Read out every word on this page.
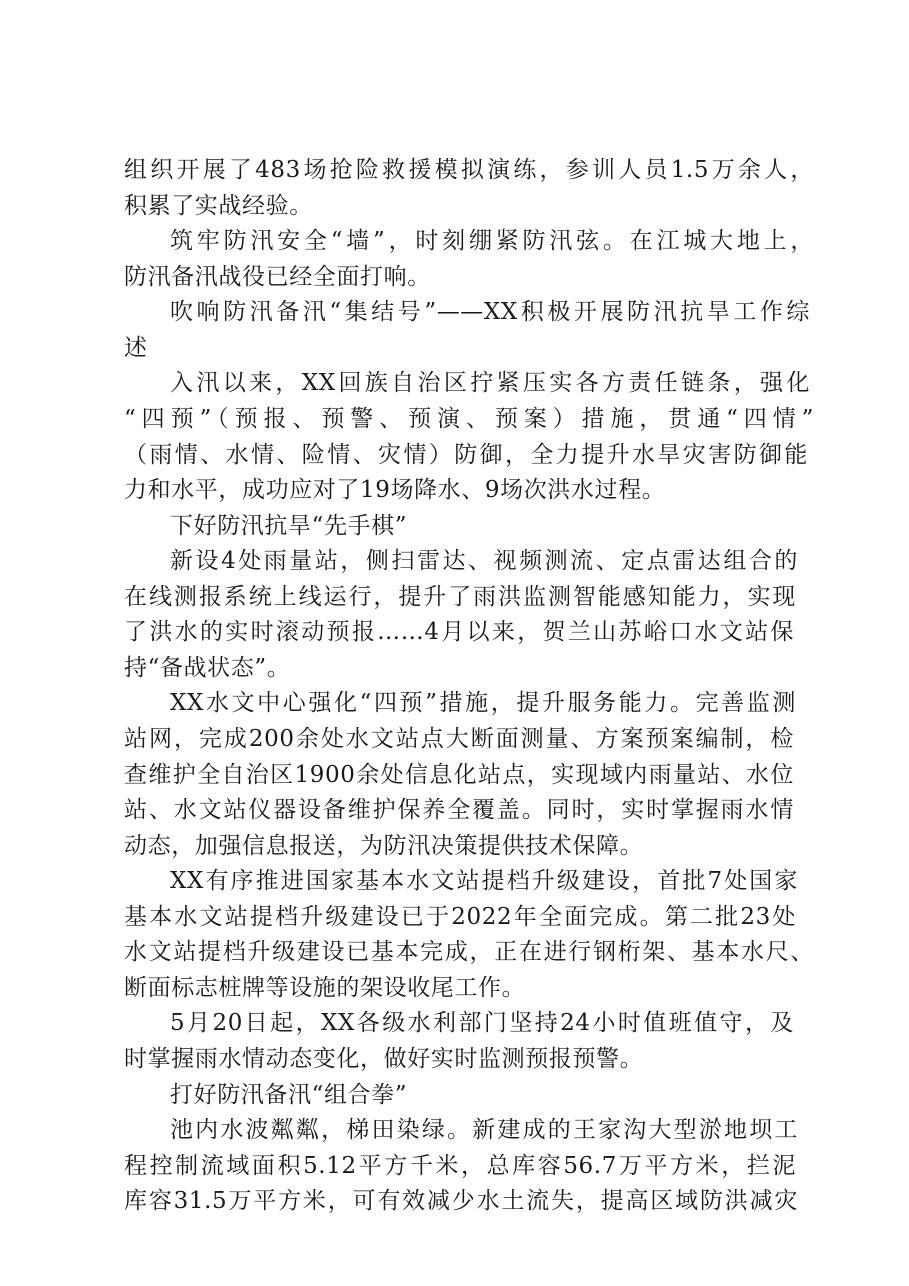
组织开展了483场抢险救援模拟演练，参训人员1.5万余人，
积累了实战经验。
筑牢防汛安全“墙”，时刻绷紧防汛弦。在江城大地上，
防汛备汛战役已经全面打响。
吹响防汛备汛“集结号”——XX积极开展防汛抗旱工作综
述
入汛以来，XX回族自治区拧紧压实各方责任链条，强化
“四预”（预报、预警、预演、预案）措施，贯通“四情”
（雨情、水情、险情、灾情）防御，全力提升水旱灾害防御能
力和水平，成功应对了19场降水、9场次洪水过程。
下好防汛抗旱“先手棋”
新设4处雨量站，侧扫雷达、视频测流、定点雷达组合的
在线测报系统上线运行，提升了雨洪监测智能感知能力，实现
了洪水的实时滚动预报……4月以来，贺兰山苏峪口水文站保
持“备战状态”。
XX水文中心强化“四预”措施，提升服务能力。完善监测
站网，完成200余处水文站点大断面测量、方案预案编制，检
查维护全自治区1900余处信息化站点，实现域内雨量站、水位
站、水文站仪器设备维护保养全覆盖。同时，实时掌握雨水情
动态，加强信息报送，为防汛决策提供技术保障。
XX有序推进国家基本水文站提档升级建设，首批7处国家
基本水文站提档升级建设已于2022年全面完成。第二批23处
水文站提档升级建设已基本完成，正在进行钢桁架、基本水尺、
断面标志桩牌等设施的架设收尾工作。
5月20日起，XX各级水利部门坚持24小时值班值守，及
时掌握雨水情动态变化，做好实时监测预报预警。
打好防汛备汛“组合拳”
池内水波粼粼，梯田染绿。新建成的王家沟大型淤地坝工
程控制流域面积5.12平方千米，总库容56.7万平方米，拦泥
库容31.5万平方米，可有效减少水土流失，提高区域防洪减灾
